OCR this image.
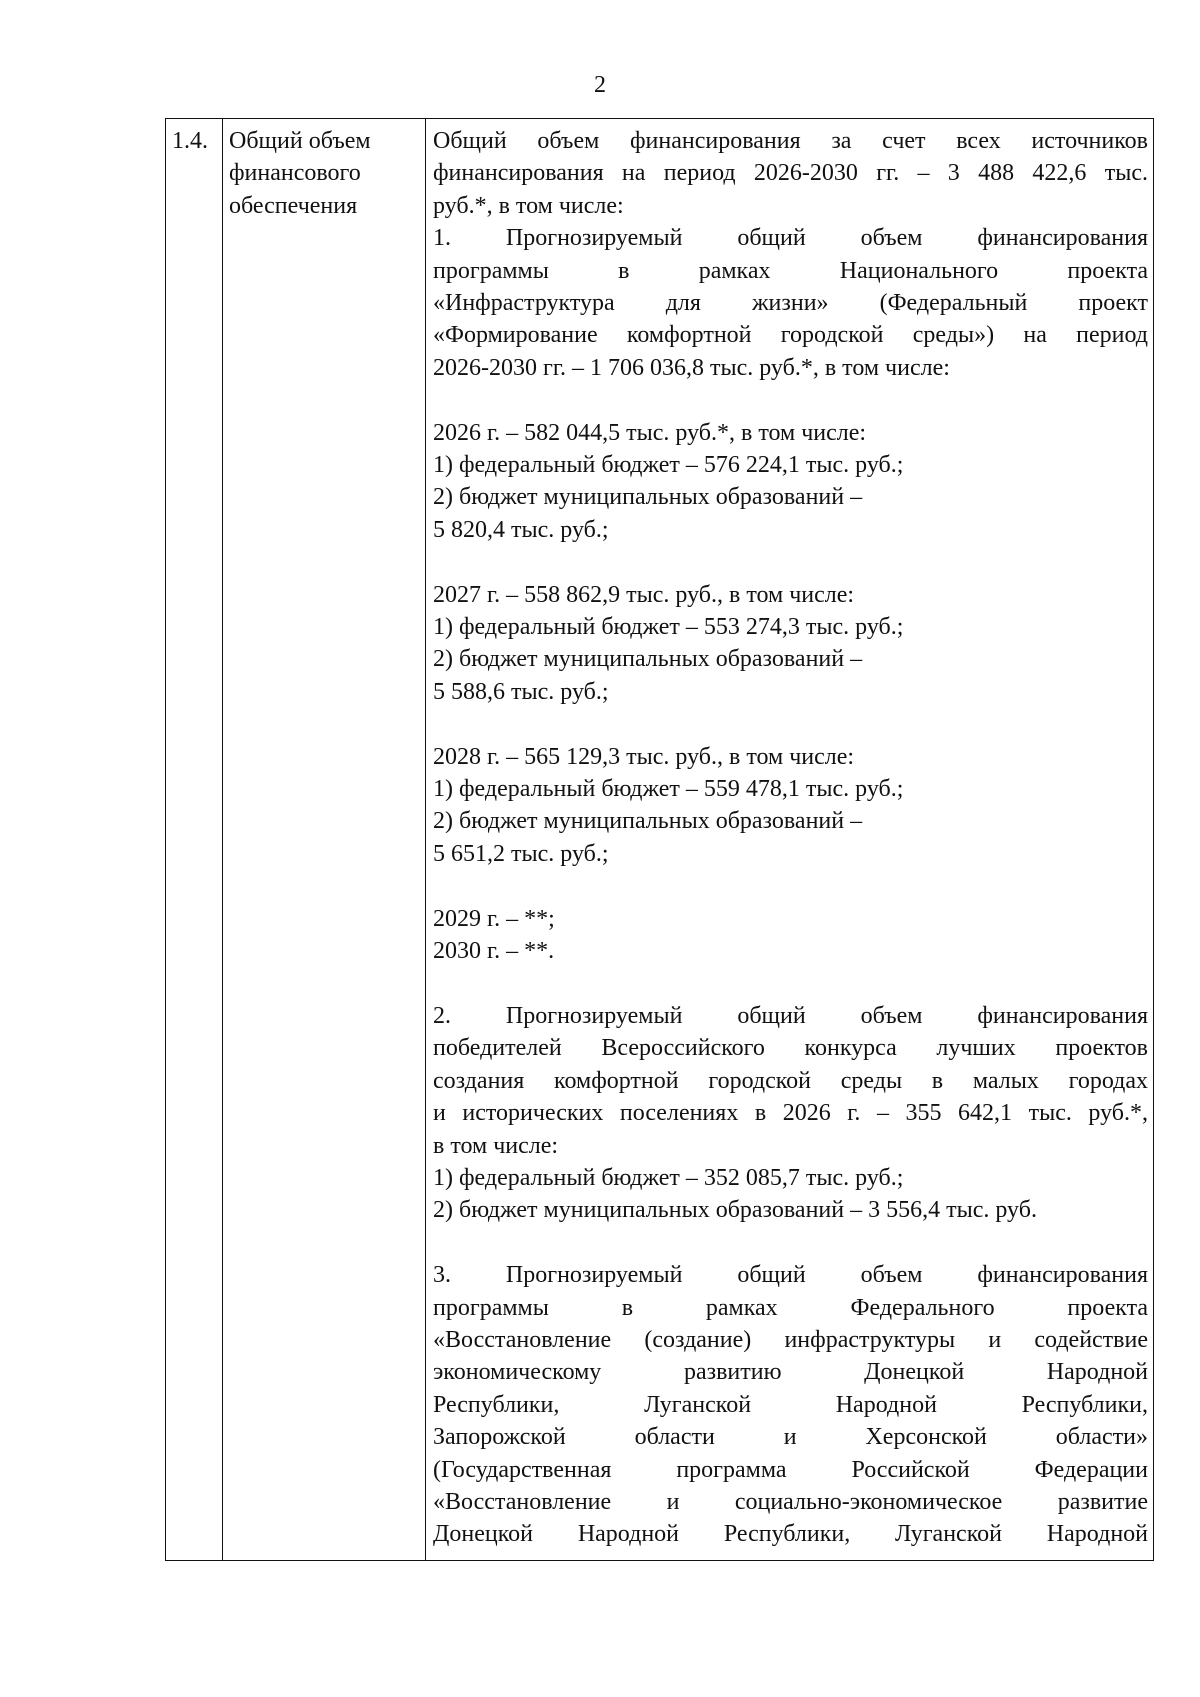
2
1.4.	Общий объем
финансового
обеспечения

Общий объем финансирования за счет всех источников
финансирования на период 2026-2030 гг. – 3 488 422,6 тыс.
руб.*, в том числе:
1. Прогнозируемый общий объем финансирования
программы в рамках Национального проекта
«Инфраструктура для жизни» (Федеральный проект
«Формирование комфортной городской среды») на период
2026-2030 гг. – 1 706 036,8 тыс. руб.*, в том числе:
2026 г. – 582 044,5 тыс. руб.*, в том числе:
1) федеральный бюджет – 576 224,1 тыс. руб.;
2) бюджет муниципальных образований –
5 820,4 тыс. руб.;
2027 г. – 558 862,9 тыс. руб., в том числе:
1) федеральный бюджет – 553 274,3 тыс. руб.;
2) бюджет муниципальных образований –
5 588,6 тыс. руб.;
2028 г. – 565 129,3 тыс. руб., в том числе:
1) федеральный бюджет – 559 478,1 тыс. руб.;
2) бюджет муниципальных образований –
5 651,2 тыс. руб.;
2029 г. – **;
2030 г. – **.
2. Прогнозируемый общий объем финансирования
победителей Всероссийского конкурса лучших проектов
создания комфортной городской среды в малых городах
и исторических поселениях в 2026 г. – 355 642,1 тыс. руб.*,
в том числе:
1) федеральный бюджет – 352 085,7 тыс. руб.;
2) бюджет муниципальных образований – 3 556,4 тыс. руб.
3. Прогнозируемый общий объем финансирования
программы в рамках Федерального проекта
«Восстановление (создание) инфраструктуры и содействие
экономическому развитию Донецкой Народной
Республики, Луганской Народной Республики,
Запорожской области и Херсонской области»
(Государственная программа Российской Федерации
«Восстановление и социально-экономическое развитие
Донецкой Народной Республики, Луганской Народной
